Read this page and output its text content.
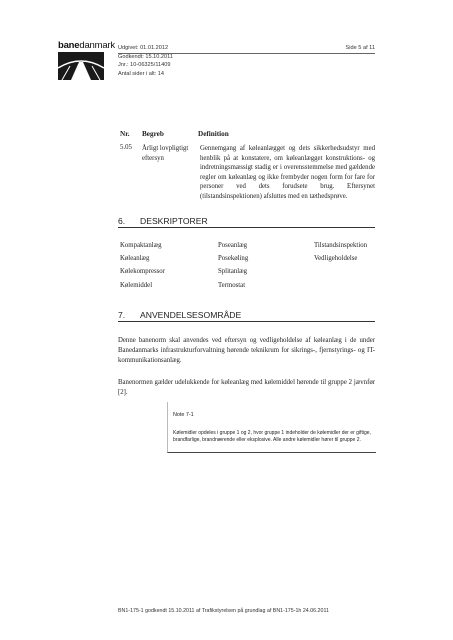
banedanmark Udgivet: 01.01.2012
Godkendt: 15.10.2011
Jnr.: 10-06325/11409
Antal sider i alt: 14
Side 5 af 11
Nr. Begreb	Definition
5.05 Årligt lovpligtigt eftersyn
Gennemgang af køleanlægget og dets sikkerhedsudstyr med henblik på at konstatere, om køleanlægget konstruktions- og indretningsmæssigt stadig er i overensstemmelse med gældende regler om køleanlæg og ikke frembyder nogen form for fare for personer ved dets forudsete brug. Eftersynet (tilstandsinspektionen) afsluttes med en tæthedsprøve.
6. DESKRIPTORER
Kompaktanlæg
Køleanlæg
Kølekompressor
Kølemiddel
Poseanlæg
Posekøling
Splitanlæg
Termostat
Tilstandsinspektion
Vedligeholdelse
7. ANVENDELSESOMRÅDE
Denne banenorm skal anvendes ved eftersyn og vedligeholdelse af køleanlæg i de under Banedanmarks infrastrukturforvaltning hørende teknikrum for sikrings-, fjernstyrings- og IT-kommunikationsanlæg.
Banenormen gælder udelukkende for køleanlæg med kølemiddel hørende til gruppe 2 jævnfør [2].
Note 7-1
Kølemidler opdeles i gruppe 1 og 2, hvor gruppe 1 indeholder de kølemidler der er giftige, brandfarlige, brandnærende eller eksplosive. Alle andre kølemidler hører til gruppe 2.
BN1-175-1 godkendt 15.10.2011 af Trafikstyrelsen på grundlag af BN1-175-1h 24.06.2011
